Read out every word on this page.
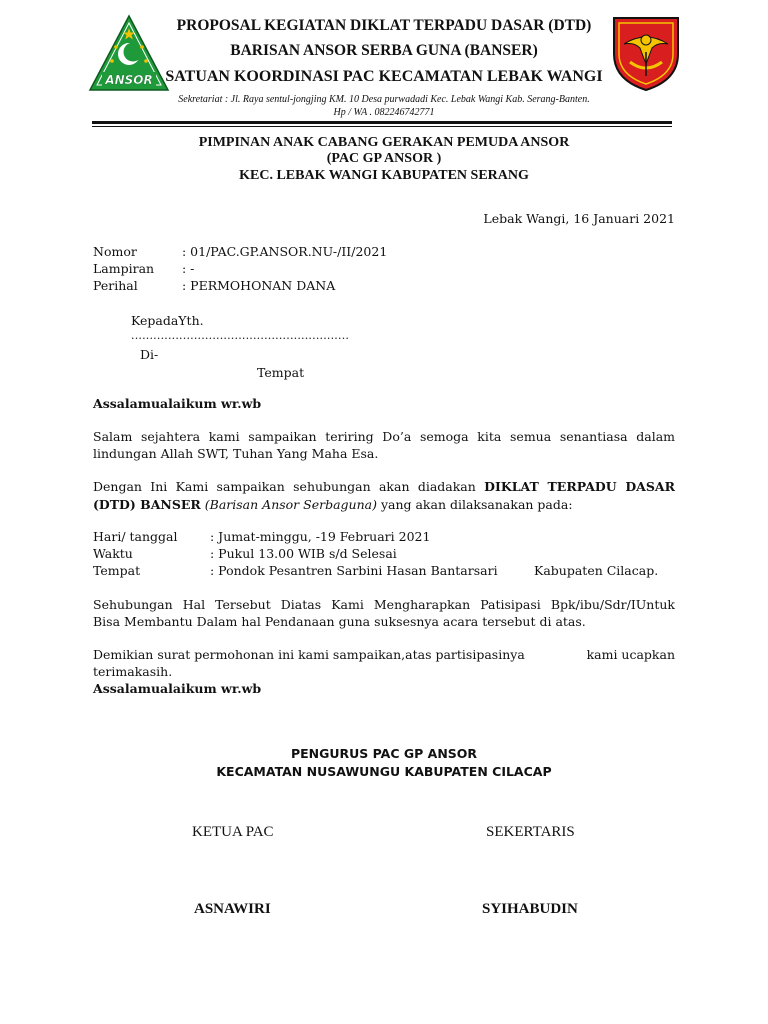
ANSOR
PROPOSAL KEGIATAN DIKLAT TERPADU DASAR (DTD)
BARISAN ANSOR SERBA GUNA (BANSER)
SATUAN KOORDINASI PAC KECAMATAN LEBAK WANGI
Sekretariat : Jl. Raya sentul-jongjing KM. 10 Desa purwadadi Kec. Lebak Wangi Kab. Serang-Banten.
Hp / WA . 082246742771
PIMPINAN ANAK CABANG GERAKAN PEMUDA ANSOR
(PAC GP ANSOR )
KEC. LEBAK WANGI KABUPATEN SERANG
Lebak Wangi, 16 Januari 2021
Nomor	: 01/PAC.GP.ANSOR.NU-/II/2021
Lampiran : -
Perihal	: PERMOHONAN DANA
KepadaYth.
...........................................................
Di-
Tempat
Assalamualaikum wr.wb
Salam sejahtera kami sampaikan teriring Do’a semoga kita semua senantiasa dalam
lindungan Allah SWT, Tuhan Yang Maha Esa.
Dengan Ini Kami sampaikan sehubungan akan diadakan DIKLAT TERPADU DASAR
(DTD) BANSER (Barisan Ansor Serbaguna) yang akan dilaksanakan pada:
Hari/ tanggal	: Jumat-minggu, -19 Februari 2021
Waktu	: Pukul 13.00 WIB s/d Selesai
Tempat	: Pondok Pesantren Sarbini Hasan Bantarsari	Kabupaten Cilacap.
Sehubungan Hal Tersebut Diatas Kami Mengharapkan Patisipasi Bpk/ibu/Sdr/IUntuk
Bisa Membantu Dalam hal Pendanaan guna suksesnya acara tersebut di atas.
Demikian surat permohonan ini kami sampaikan,atas partisipasinya	kami ucapkan
terimakasih.
Assalamualaikum wr.wb
PENGURUS PAC GP ANSOR
KECAMATAN NUSAWUNGU KABUPATEN CILACAP
KETUA PAC	SEKERTARIS
ASNAWIRI	SYIHABUDIN
